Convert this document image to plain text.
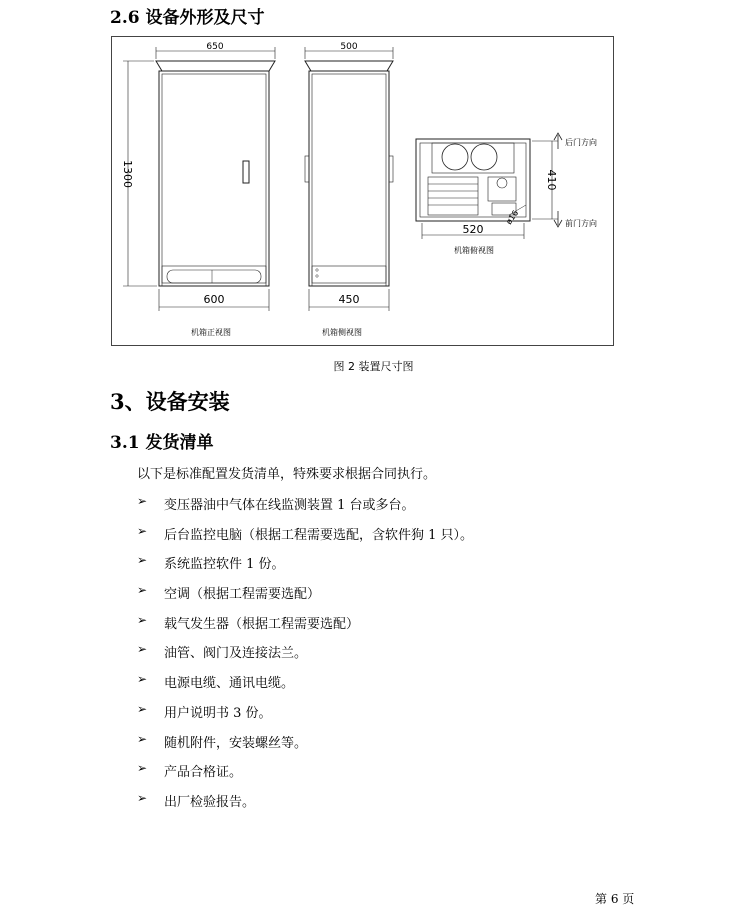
2.6 设备外形及尺寸
650
600
1300
机箱正视图
500
450
机箱侧视图
520
410
ø16
机箱俯视图
后门方向
前门方向
图 2 装置尺寸图
3、设备安装
3.1 发货清单
以下是标准配置发货清单，特殊要求根据合同执行。
➢	变压器油中气体在线监测装置 1 台或多台。
➢	后台监控电脑（根据工程需要选配，含软件狗 1 只）。
➢	系统监控软件 1 份。
➢	空调（根据工程需要选配）
➢	载气发生器（根据工程需要选配）
➢	油管、阀门及连接法兰。
➢	电源电缆、通讯电缆。
➢	用户说明书 3 份。
➢	随机附件，安装螺丝等。
➢	产品合格证。
➢	出厂检验报告。
第 6 页
